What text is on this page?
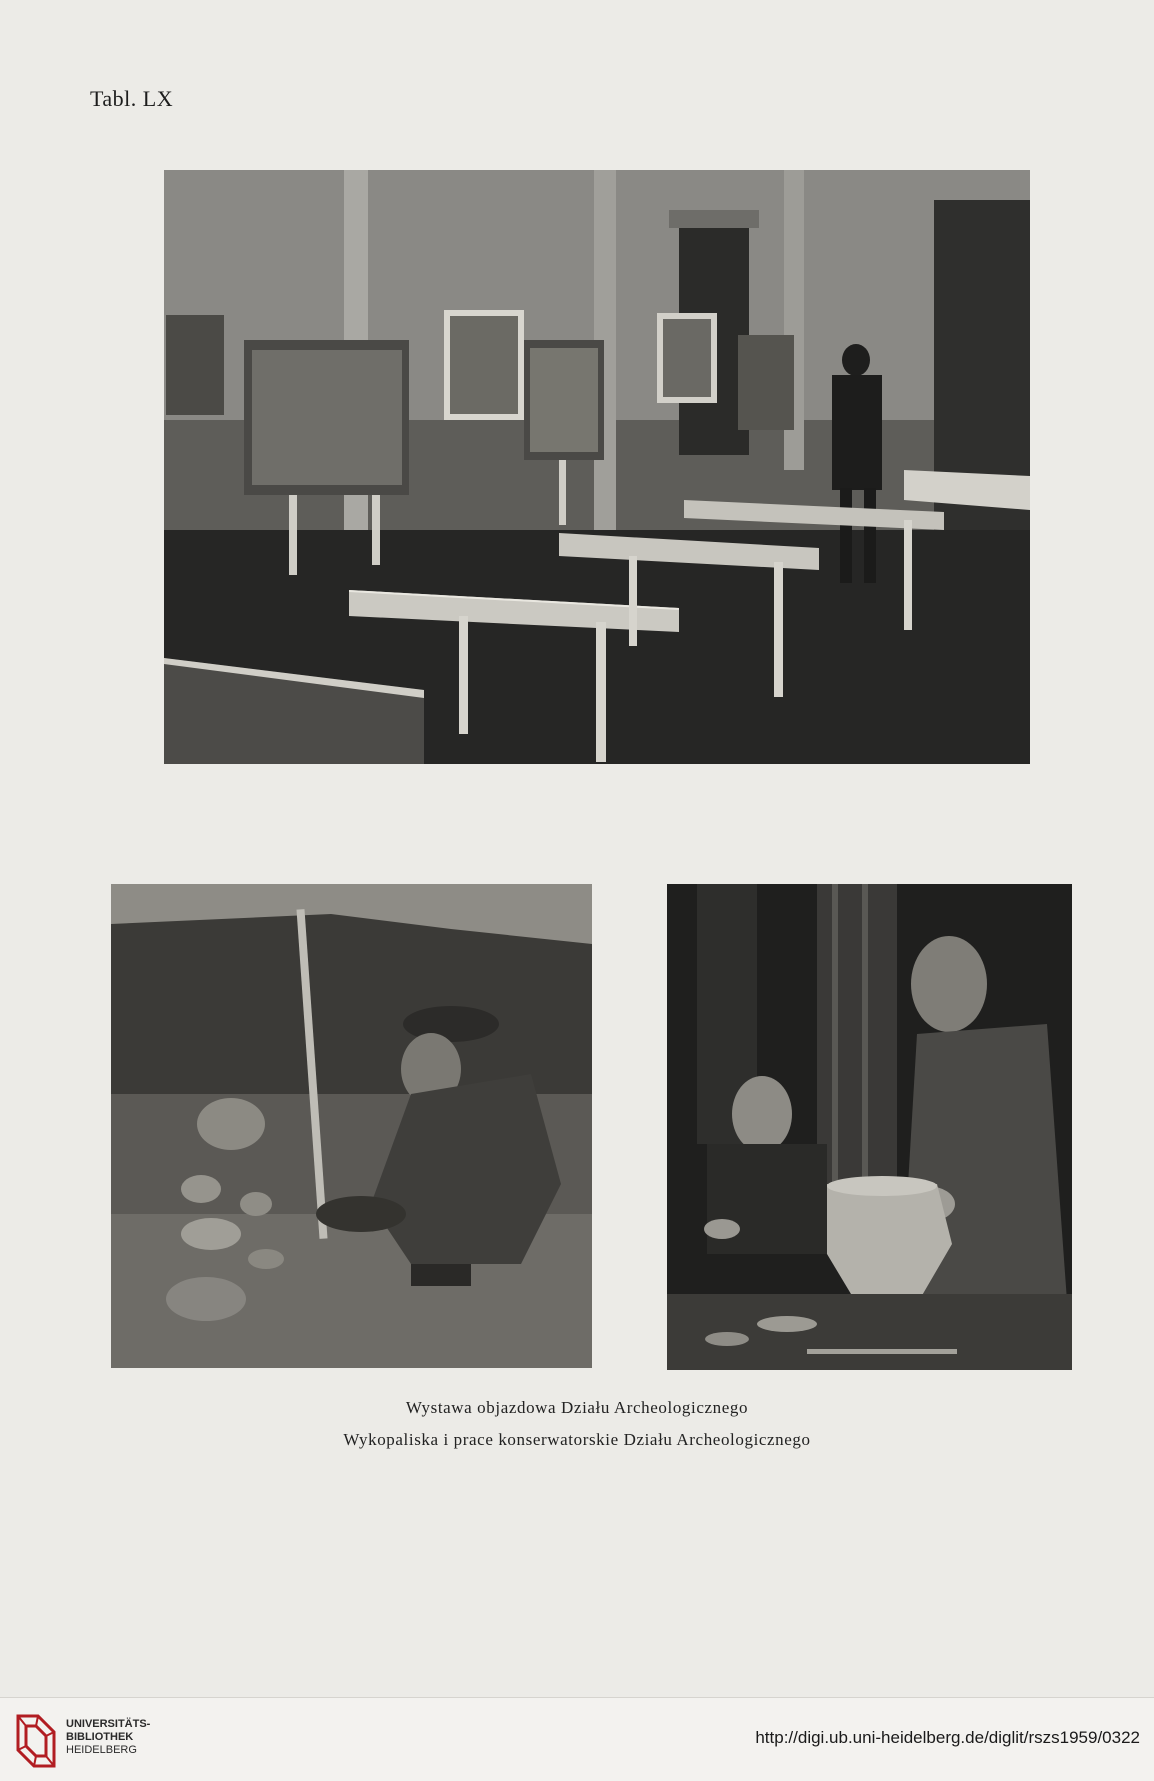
Tabl. LX
Wystawa objazdowa Działu Archeologicznego
Wykopaliska i prace konserwatorskie Działu Archeologicznego
UNIVERSITÄTS-
BIBLIOTHEK
HEIDELBERG
http://digi.ub.uni-heidelberg.de/diglit/rszs1959/0322
